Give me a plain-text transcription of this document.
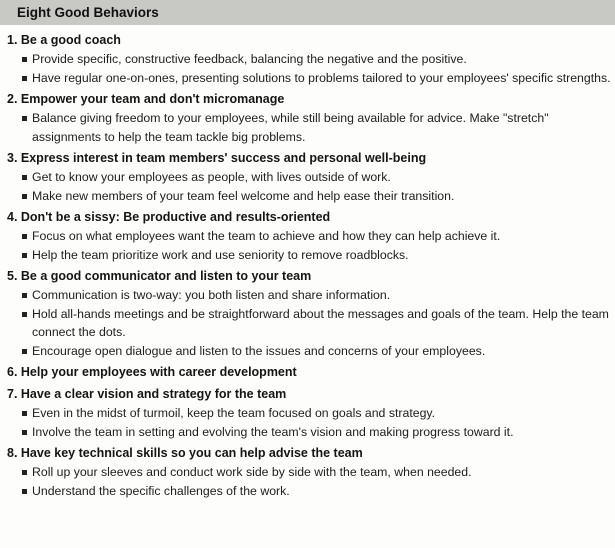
Eight Good Behaviors
1. Be a good coach
Provide specific, constructive feedback, balancing the negative and the positive.
Have regular one-on-ones, presenting solutions to problems tailored to your employees' specific strengths.
2. Empower your team and don't micromanage
Balance giving freedom to your employees, while still being available for advice. Make "stretch" assignments to help the team tackle big problems.
3. Express interest in team members' success and personal well-being
Get to know your employees as people, with lives outside of work.
Make new members of your team feel welcome and help ease their transition.
4. Don't be a sissy: Be productive and results-oriented
Focus on what employees want the team to achieve and how they can help achieve it.
Help the team prioritize work and use seniority to remove roadblocks.
5. Be a good communicator and listen to your team
Communication is two-way: you both listen and share information.
Hold all-hands meetings and be straightforward about the messages and goals of the team. Help the team connect the dots.
Encourage open dialogue and listen to the issues and concerns of your employees.
6. Help your employees with career development
7. Have a clear vision and strategy for the team
Even in the midst of turmoil, keep the team focused on goals and strategy.
Involve the team in setting and evolving the team's vision and making progress toward it.
8. Have key technical skills so you can help advise the team
Roll up your sleeves and conduct work side by side with the team, when needed.
Understand the specific challenges of the work.
